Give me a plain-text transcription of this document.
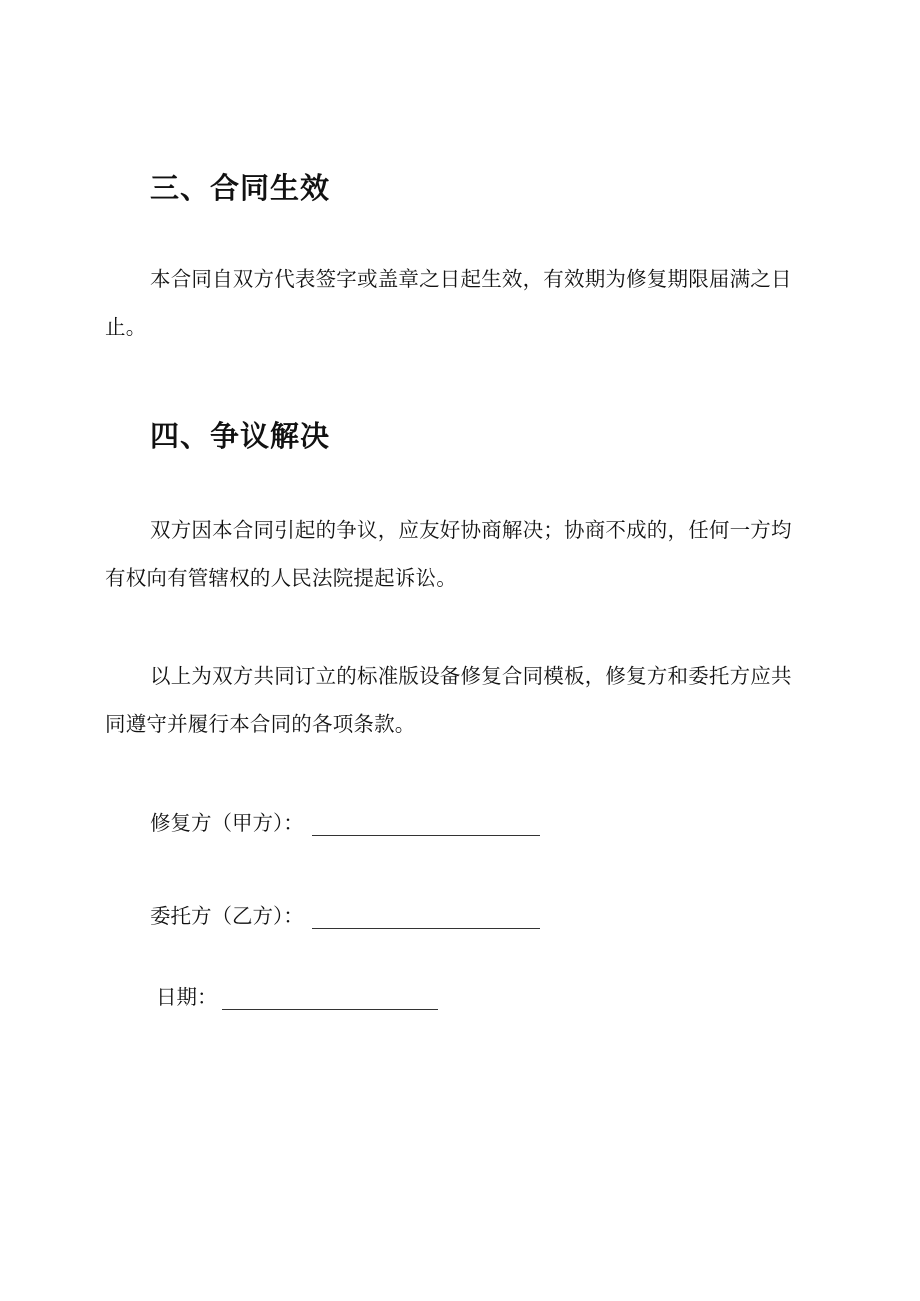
三、合同生效
本合同自双方代表签字或盖章之日起生效，有效期为修复期限届满之日止。
四、争议解决
双方因本合同引起的争议，应友好协商解决；协商不成的，任何一方均有权向有管辖权的人民法院提起诉讼。
以上为双方共同订立的标准版设备修复合同模板，修复方和委托方应共同遵守并履行本合同的各项条款。
修复方（甲方）：
委托方（乙方）：
日期：
